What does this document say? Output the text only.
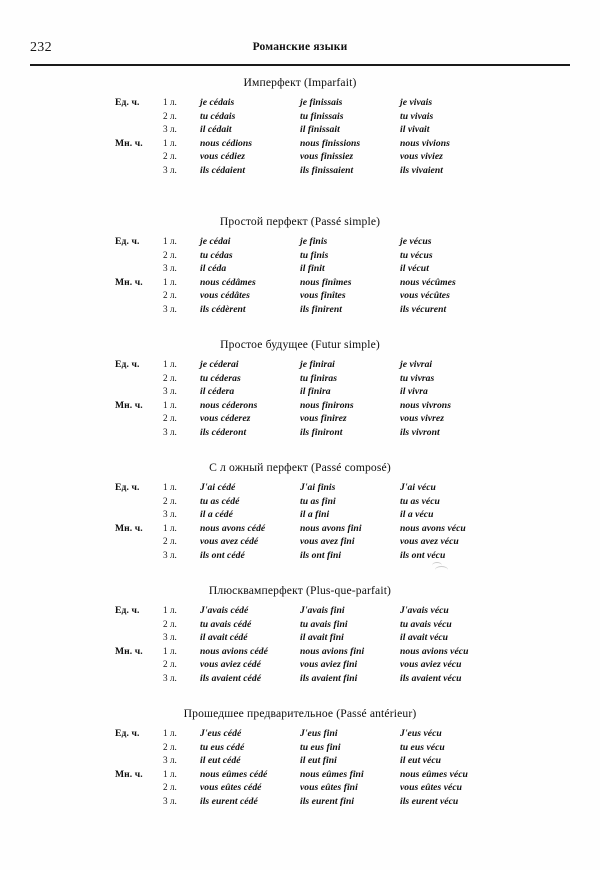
232	Романские языки
Имперфект (Imparfait)
Ед. ч.	1 л. je cédais	je finissais	je vivais
2 л. tu cédais	tu finissais	tu vivais
3 л. il cédait	il finissait	il vivait
Мн. ч. 1 л. nous cédions	nous finissions	nous vivions
2 л. vous cédiez	vous finissiez	vous viviez
3 л. ils cédaient	ils finissaient	ils vivaient
Простой перфект (Passé simple)
Ед. ч.	1 л. je cédai	je finis	je vécus
2 л. tu cédas	tu finis	tu vécus
3 л. il céda	il finit	il vécut
Мн. ч. 1 л. nous cédâmes	nous finîmes	nous vécûmes
2 л. vous cédâtes	vous finîtes	vous vécûtes
3 л. ils cédèrent	ils finirent	ils vécurent
Простое будущее (Futur simple)
Ед. ч.	1 л. je céderai	je finirai	je vivrai
2 л. tu céderas	tu finiras	tu vivras
3 л. il cédera	il finira	il vivra
Мн. ч. 1 л. nous céderons	nous finirons	nous vivrons
2 л. vous céderez	vous finirez	vous vivrez
3 л. ils céderont	ils finiront	ils vivront
С л ожный перфект (Passé composé)
Ед. ч.	1 л. J'ai cédé	J'ai finis	J'ai vécu
2 л. tu as cédé	tu as fini	tu as vécu
3 л. il a cédé	il a fini	il a vécu
Мн. ч. 1 л. nous avons cédé	nous avons fini	nous avons vécu
2 л. vous avez cédé	vous avez fini	vous avez vécu
3 л. ils ont cédé	ils ont fini	ils ont vécu
Плюсквамперфект (Plus-que-parfait)
Ед. ч.	1 л. J'avais cédé	J'avais fini	J'avais vécu
2 л. tu avais cédé	tu avais fini	tu avais vécu
3 л. il avait cédé	il avait fini	il avait vécu
Мн. ч. 1 л. nous avions cédé	nous avions fini	nous avions vécu
2 л. vous aviez cédé	vous aviez fini	vous aviez vécu
3 л. ils avaient cédé	ils avaient fini	ils avaient vécu
Прошедшее предварительное (Passé antérieur)
Ед. ч.	1 л. J'eus cédé	J'eus fini	J'eus vécu
2 л. tu eus cédé	tu eus fini	tu eus vécu
3 л. il eut cédé	il eut fini	il eut vécu
Мн. ч. 1 л. nous eûmes cédé	nous eûmes fini	nous eûmes vécu
2 л. vous eûtes cédé	vous eûtes fini	vous eûtes vécu
3 л. ils eurent cédé	ils eurent fini	ils eurent vécu
